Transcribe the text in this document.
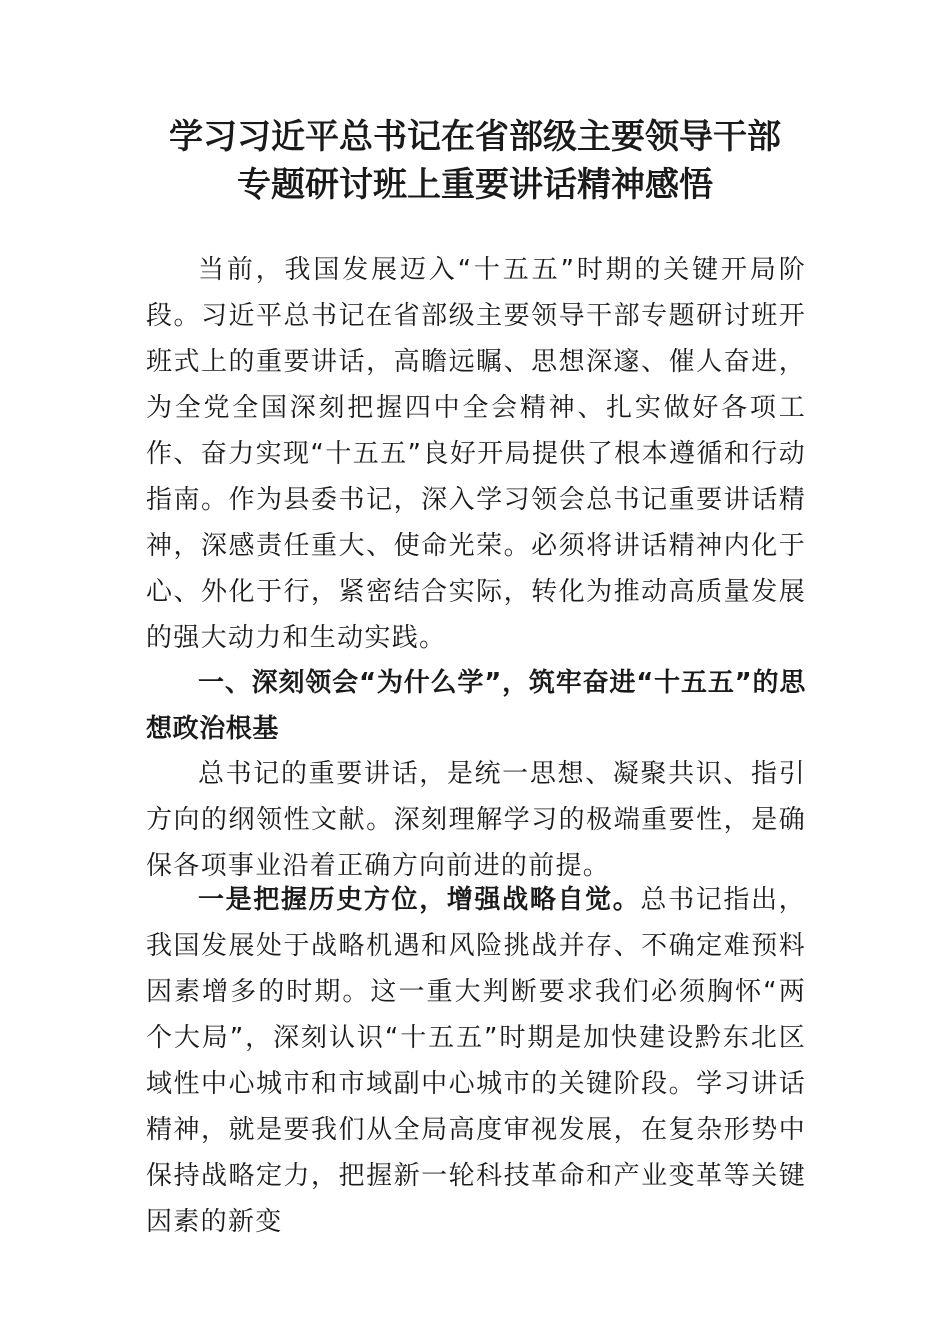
学习习近平总书记在省部级主要领导干部
专题研讨班上重要讲话精神感悟

当前，我国发展迈入“十五五”时期的关键开局阶段。习近平总书记在省部级主要领导干部专题研讨班开班式上的重要讲话，高瞻远瞩、思想深邃、催人奋进，为全党全国深刻把握四中全会精神、扎实做好各项工作、奋力实现“十五五”良好开局提供了根本遵循和行动指南。作为县委书记，深入学习领会总书记重要讲话精神，深感责任重大、使命光荣。必须将讲话精神内化于心、外化于行，紧密结合实际，转化为推动高质量发展的强大动力和生动实践。

一、深刻领会“为什么学”，筑牢奋进“十五五”的思想政治根基

总书记的重要讲话，是统一思想、凝聚共识、指引方向的纲领性文献。深刻理解学习的极端重要性，是确保各项事业沿着正确方向前进的前提。

一是把握历史方位，增强战略自觉。总书记指出，我国发展处于战略机遇和风险挑战并存、不确定难预料因素增多的时期。这一重大判断要求我们必须胸怀“两个大局”，深刻认识“十五五”时期是加快建设黔东北区域性中心城市和市域副中心城市的关键阶段。学习讲话精神，就是要我们从全局高度审视发展，在复杂形势中保持战略定力，把握新一轮科技革命和产业变革等关键因素的新变
